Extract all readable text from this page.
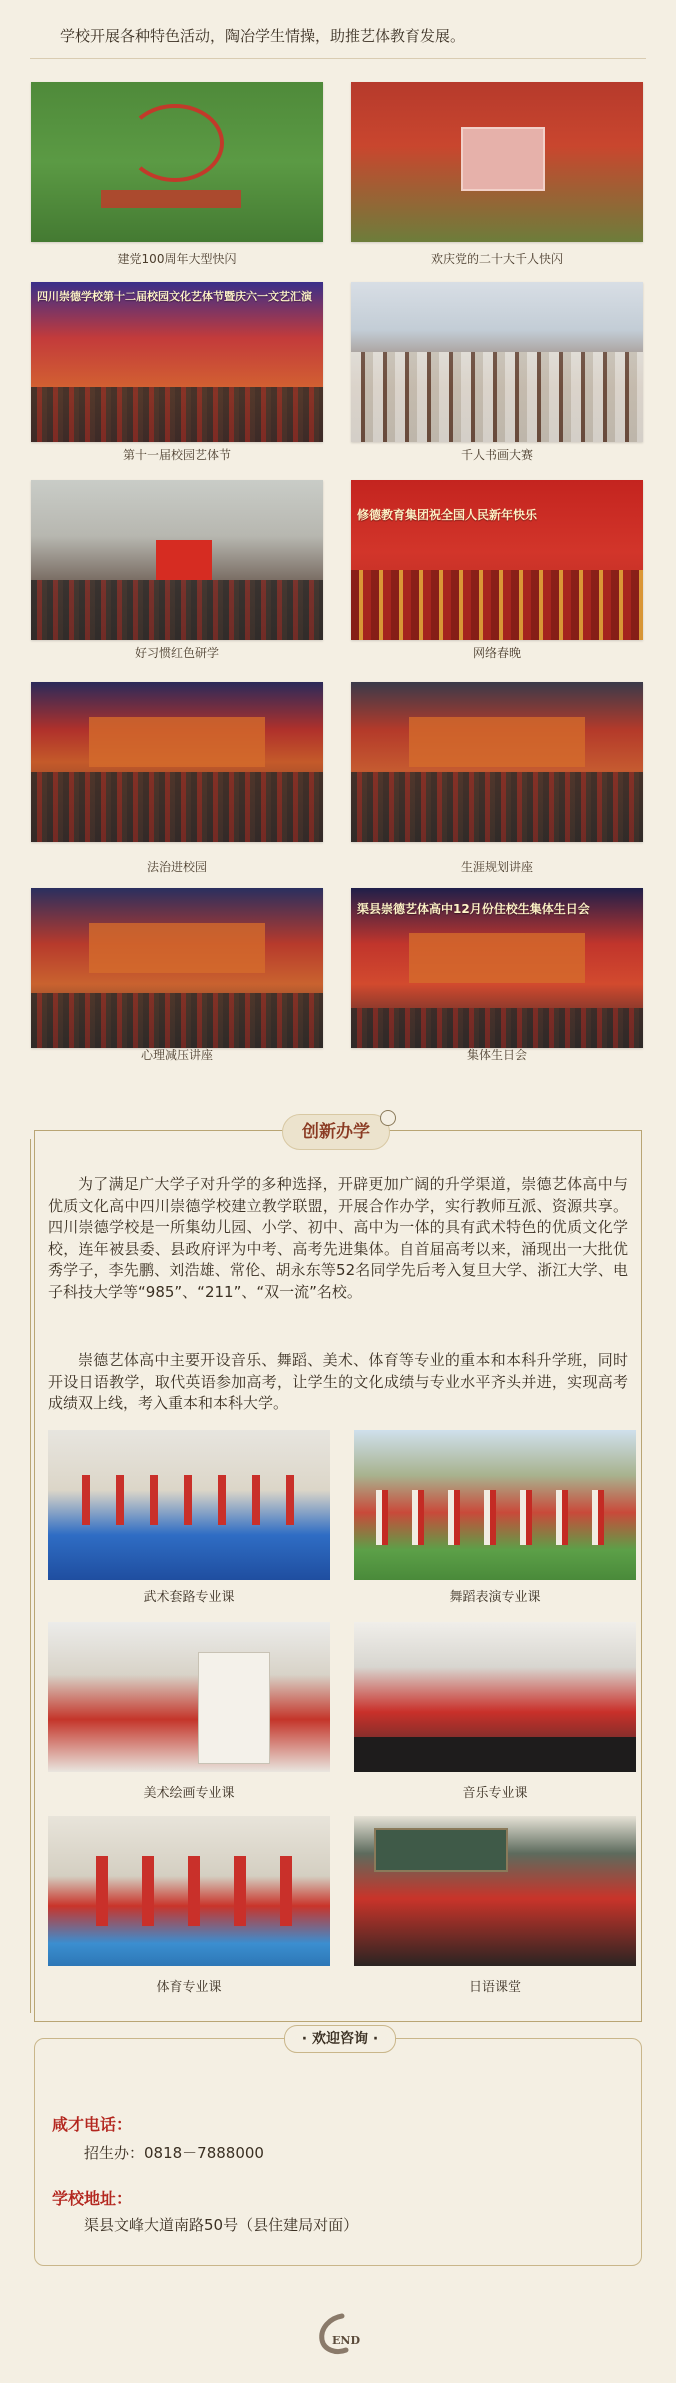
学校开展各种特色活动，陶冶学生情操，助推艺体教育发展。
建党100周年大型快闪	欢庆党的二十大千人快闪
四川崇德学校第十二届校园文化艺体节暨庆六一文艺汇演
第十一届校园艺体节	千人书画大赛
好习惯红色研学
修德教育集团祝全国人民新年快乐
网络春晚
法治进校园	生涯规划讲座
心理减压讲座
渠县崇德艺体高中12月份住校生集体生日会
集体生日会
创新办学
为了满足广大学子对升学的多种选择，开辟更加广阔的升学渠道，崇德艺体高中与优质文化高中四川崇德学校建立教学联盟，开展合作办学，实行教师互派、资源共享。四川崇德学校是一所集幼儿园、小学、初中、高中为一体的具有武术特色的优质文化学校，连年被县委、县政府评为中考、高考先进集体。自首届高考以来，涌现出一大批优秀学子，李先鹏、刘浩雄、常伦、胡永东等52名同学先后考入复旦大学、浙江大学、电子科技大学等“985”、“211”、“双一流”名校。
崇德艺体高中主要开设音乐、舞蹈、美术、体育等专业的重本和本科升学班，同时开设日语教学，取代英语参加高考，让学生的文化成绩与专业水平齐头并进，实现高考成绩双上线，考入重本和本科大学。
武术套路专业课	舞蹈表演专业课
美术绘画专业课	音乐专业课
体育专业课	日语课堂
· 欢迎咨询 ·
咸才电话：
招生办：0818－7888000
学校地址：
渠县文峰大道南路50号（县住建局对面）
END
